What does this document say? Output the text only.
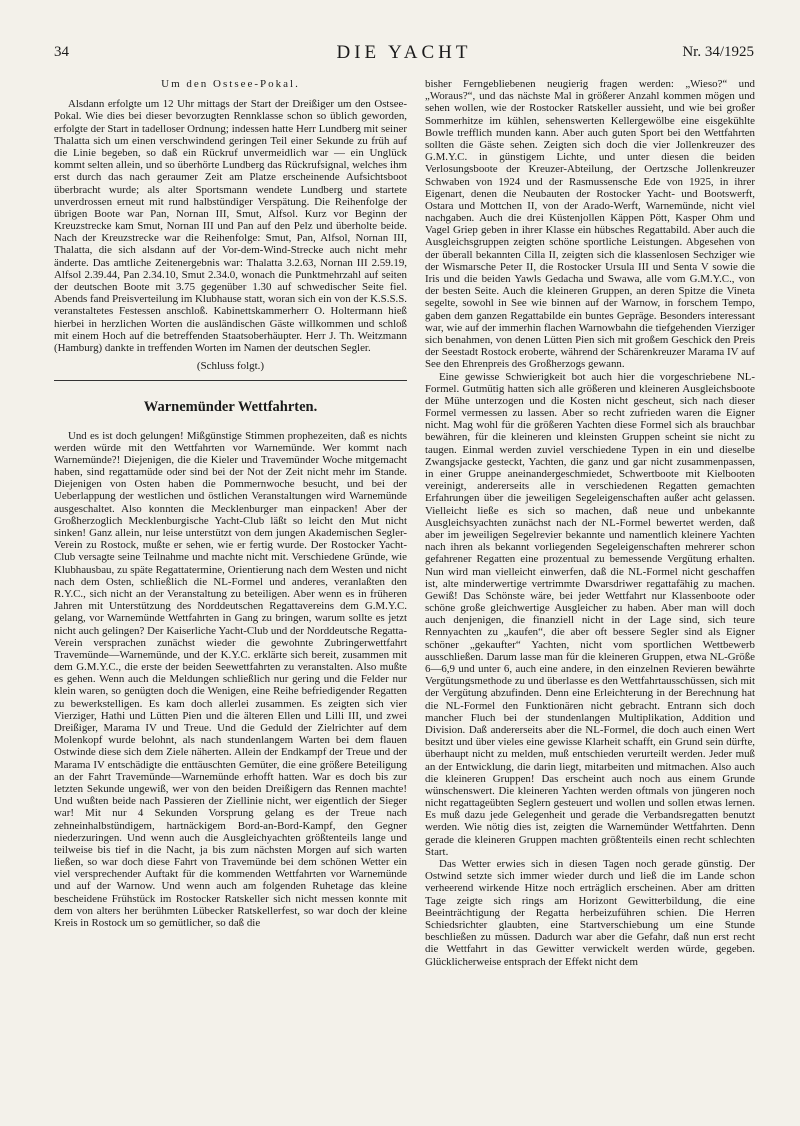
34	DIE YACHT	Nr. 34/1925
Um den Ostsee-Pokal.

Alsdann erfolgte um 12 Uhr mittags der Start der Dreißiger um den Ostsee-Pokal. Wie dies bei dieser bevorzugten Rennklasse schon so üblich geworden, erfolgte der Start in tadelloser Ordnung; indessen hatte Herr Lundberg mit seiner Thalatta sich um einen verschwindend geringen Teil einer Sekunde zu früh auf die Linie begeben, so daß ein Rückruf unvermeidlich war — ein Unglück kommt selten allein, und so überhörte Lundberg das Rückrufsignal, welches ihm erst durch das nach geraumer Zeit am Platze erscheinende Aufsichtsboot überbracht wurde; als alter Sportsmann wendete Lundberg und startete unverdrossen erneut mit rund halbstündiger Verspätung. Die Reihenfolge der übrigen Boote war Pan, Nornan III, Smut, Alfsol. Kurz vor Beginn der Kreuzstrecke kam Smut, Nornan III und Pan auf den Pelz und überholte beide. Nach der Kreuzstrecke war die Reihenfolge: Smut, Pan, Alfsol, Nornan III, Thalatta, die sich alsdann auf der Vor-dem-Wind-Strecke auch nicht mehr änderte. Das amtliche Zeitenergebnis war: Thalatta 3.2.63, Nornan III 2.59.19, Alfsol 2.39.44, Pan 2.34.10, Smut 2.34.0, wonach die Punktmehrzahl auf seiten der deutschen Boote mit 3.75 gegenüber 1.30 auf schwedischer Seite fiel. Abends fand Preisverteilung im Klubhause statt, woran sich ein von der K.S.S.S. veranstaltetes Festessen anschloß. Kabinettskammerherr O. Holtermann hieß hierbei in herzlichen Worten die ausländischen Gäste willkommen und schloß mit einem Hoch auf die betreffenden Staatsoberhäupter. Herr J. Th. Weitzmann (Hamburg) dankte in treffenden Worten im Namen der deutschen Segler.

(Schluss folgt.)
Warnemünder Wettfahrten.

Und es ist doch gelungen! Mißgünstige Stimmen prophezeiten, daß es nichts werden würde mit den Wettfahrten vor Warnemünde. Wer kommt nach Warnemünde?! Diejenigen, die die Kieler und Travemünder Woche mitgemacht haben, sind regattamüde oder sind bei der Not der Zeit nicht mehr im Stande. Diejenigen von Osten haben die Pommernwoche besucht, und bei der Ueberlappung der westlichen und östlichen Veranstaltungen wird Warnemünde ausgeschaltet. Also konnten die Mecklenburger man einpacken! Aber der Großherzoglich Mecklenburgische Yacht-Club läßt so leicht den Mut nicht sinken! Ganz allein, nur leise unterstützt von dem jungen Akademischen Segler-Verein zu Rostock, mußte er sehen, wie er fertig wurde. Der Rostocker Yacht-Club versagte seine Teilnahme und machte nicht mit. Verschiedene Gründe, wie Klubhausbau, zu späte Regattatermine, Orientierung nach dem Westen und nicht nach dem Osten, schließlich die NL-Formel und anderes, veranlaßten den R.Y.C., sich nicht an der Veranstaltung zu beteiligen. Aber wenn es in früheren Jahren mit Unterstützung des Norddeutschen Regattavereins dem G.M.Y.C. gelang, vor Warnemünde Wettfahrten in Gang zu bringen, warum sollte es jetzt nicht auch gelingen? Der Kaiserliche Yacht-Club und der Norddeutsche Regatta-Verein versprachen zunächst wieder die gewohnte Zubringerwettfahrt Travemünde—Warnemünde, und der K.Y.C. erklärte sich bereit, zusammen mit dem G.M.Y.C., die erste der beiden Seewettfahrten zu veranstalten. Also mußte es gehen. Wenn auch die Meldungen schließlich nur gering und die Felder nur klein waren, so genügten doch die Wenigen, eine Reihe befriedigender Regatten zu bewerkstelligen. Es kam doch allerlei zusammen. Es zeigten sich vier Vierziger, Hathi und Lütten Pien und die älteren Ellen und Lilli III, und zwei Dreißiger, Marama IV und Treue. Und die Geduld der Zielrichter auf dem Molenkopf wurde belohnt, als nach stundenlangem Warten bei dem flauen Ostwinde diese sich dem Ziele näherten. Allein der Endkampf der Treue und der Marama IV entschädigte die enttäuschten Gemüter, die eine größere Beteiligung an der Fahrt Travemünde—Warnemünde erhofft hatten. War es doch bis zur letzten Sekunde ungewiß, wer von den beiden Dreißigern das Rennen machte! Und wußten beide nach Passieren der Ziellinie nicht, wer eigentlich der Sieger war! Mit nur 4 Sekunden Vorsprung gelang es der Treue nach zehneinhalbstündigem, hartnäckigem Bord-an-Bord-Kampf, den Gegner niederzuringen. Und wenn auch die Ausgleichyachten größtenteils lange und teilweise bis tief in die Nacht, ja bis zum nächsten Morgen auf sich warten ließen, so war doch diese Fahrt von Travemünde bei dem schönen Wetter ein viel versprechender Auftakt für die kommenden Wettfahrten vor Warnemünde und auf der Warnow. Und wenn auch am folgenden Ruhetage das kleine bescheidene Frühstück im Rostocker Ratskeller sich nicht messen konnte mit dem von alters her berühmten Lübecker Ratskellerfest, so war doch der kleine Kreis in Rostock um so gemütlicher, so daß die

bisher Ferngebliebenen neugierig fragen werden: „Wieso?“ und „Woraus?“, und das nächste Mal in größerer Anzahl kommen mögen und sehen wollen, wie der Rostocker Ratskeller aussieht, und wie bei großer Sommerhitze im kühlen, sehenswerten Kellergewölbe eine eisgekühlte Bowle trefflich munden kann. Aber auch guten Sport bei den Wettfahrten sollten die Gäste sehen. Zeigten sich doch die vier Jollenkreuzer des G.M.Y.C. in günstigem Lichte, und unter diesen die beiden Verlosungsboote der Kreuzer-Abteilung, der Oertzsche Jollenkreuzer Schwaben von 1924 und der Rasmussensche Ede von 1925, in ihrer Eigenart, denen die Neubauten der Rostocker Yacht- und Bootswerft, Ostara und Mottchen II, von der Arado-Werft, Warnemünde, nicht viel nachgaben. Auch die drei Küstenjollen Käppen Pött, Kasper Ohm und Vagel Griep geben in ihrer Klasse ein hübsches Regattabild. Aber auch die Ausgleichsgruppen zeigten schöne sportliche Leistungen. Abgesehen von der überall bekannten Cilla II, zeigten sich die klassenlosen Sechziger wie der Wismarsche Peter II, die Rostocker Ursula III und Senta V sowie die Iris und die beiden Yawls Gedacha und Swawa, alle vom G.M.Y.C., von der besten Seite. Auch die kleineren Gruppen, an deren Spitze die Vineta segelte, sowohl in See wie binnen auf der Warnow, in forschem Tempo, gaben dem ganzen Regattabilde ein buntes Gepräge. Besonders interessant war, wie auf der immerhin flachen Warnowbahn die tiefgehenden Vierziger sich benahmen, von denen Lütten Pien sich mit großem Geschick den Preis der Seestadt Rostock eroberte, während der Schärenkreuzer Marama IV auf See den Ehrenpreis des Großherzogs gewann.

Eine gewisse Schwierigkeit bot auch hier die vorgeschriebene NL-Formel. Gutmütig hatten sich alle größeren und kleineren Ausgleichsboote der Mühe unterzogen und die Kosten nicht gescheut, sich nach dieser Formel vermessen zu lassen. Aber so recht zufrieden waren die Eigner nicht. Mag wohl für die größeren Yachten diese Formel sich als brauchbar bewähren, für die kleineren und kleinsten Gruppen scheint sie nicht zu taugen. Einmal werden zuviel verschiedene Typen in ein und dieselbe Zwangsjacke gesteckt, Yachten, die ganz und gar nicht zusammenpassen, in einer Gruppe aneinandergeschmiedet, Schwertboote mit Kielbooten vereinigt, andererseits alle in verschiedenen Regatten gemachten Erfahrungen über die jeweiligen Segeleigenschaften außer acht gelassen. Vielleicht ließe es sich so machen, daß neue und unbekannte Ausgleichsyachten zunächst nach der NL-Formel bewertet werden, daß aber im jeweiligen Segelrevier bekannte und namentlich kleinere Yachten nach ihren als bekannt vorliegenden Segeleigenschaften mehrerer schon gefahrener Regatten eine prozentual zu bemessende Vergütung erhalten. Nun wird man vielleicht einwerfen, daß die NL-Formel nicht geschaffen ist, alte minderwertige vertrimmte Dwarsdriwer regattafähig zu machen. Gewiß! Das Schönste wäre, bei jeder Wettfahrt nur Klassenboote oder schöne große gleichwertige Ausgleicher zu haben. Aber man will doch auch denjenigen, die finanziell nicht in der Lage sind, sich teure Rennyachten zu „kaufen“, die aber oft bessere Segler sind als Eigner schöner „gekaufter“ Yachten, nicht vom sportlichen Wettbewerb ausschließen. Darum lasse man für die kleineren Gruppen, etwa NL-Größe 6—6,9 und unter 6, auch eine andere, in den einzelnen Revieren bewährte Vergütungsmethode zu und überlasse es den Wettfahrtausschüssen, sich mit der Vergütung abzufinden. Denn eine Erleichterung in der Berechnung hat die NL-Formel den Funktionären nicht gebracht. Entrann sich doch mancher Fluch bei der stundenlangen Multiplikation, Addition und Division. Daß andererseits aber die NL-Formel, die doch auch einen Wert besitzt und über vieles eine gewisse Klarheit schafft, ein Grund sein dürfte, überhaupt nicht zu melden, muß entschieden verurteilt werden. Jeder muß an der Entwicklung, die darin liegt, mitarbeiten und mitmachen. Also auch die kleineren Gruppen! Das erscheint auch noch aus einem Grunde wünschenswert. Die kleineren Yachten werden oftmals von jüngeren noch nicht regattageübten Seglern gesteuert und wollen und sollen etwas lernen. Es muß dazu jede Gelegenheit und gerade die Verbandsregatten benutzt werden. Wie nötig dies ist, zeigten die Warnemünder Wettfahrten. Denn gerade die kleineren Gruppen machten größtenteils einen recht schlechten Start.

Das Wetter erwies sich in diesen Tagen noch gerade günstig. Der Ostwind setzte sich immer wieder durch und ließ die im Lande schon verheerend wirkende Hitze noch erträglich erscheinen. Aber am dritten Tage zeigte sich rings am Horizont Gewitterbildung, die eine Beeinträchtigung der Regatta herbeizuführen schien. Die Herren Schiedsrichter glaubten, eine Startverschiebung um eine Stunde beschließen zu müssen. Dadurch war aber die Gefahr, daß nun erst recht die Wettfahrt in das Gewitter verwickelt werden würde, gegeben. Glücklicherweise entsprach der Effekt nicht dem
